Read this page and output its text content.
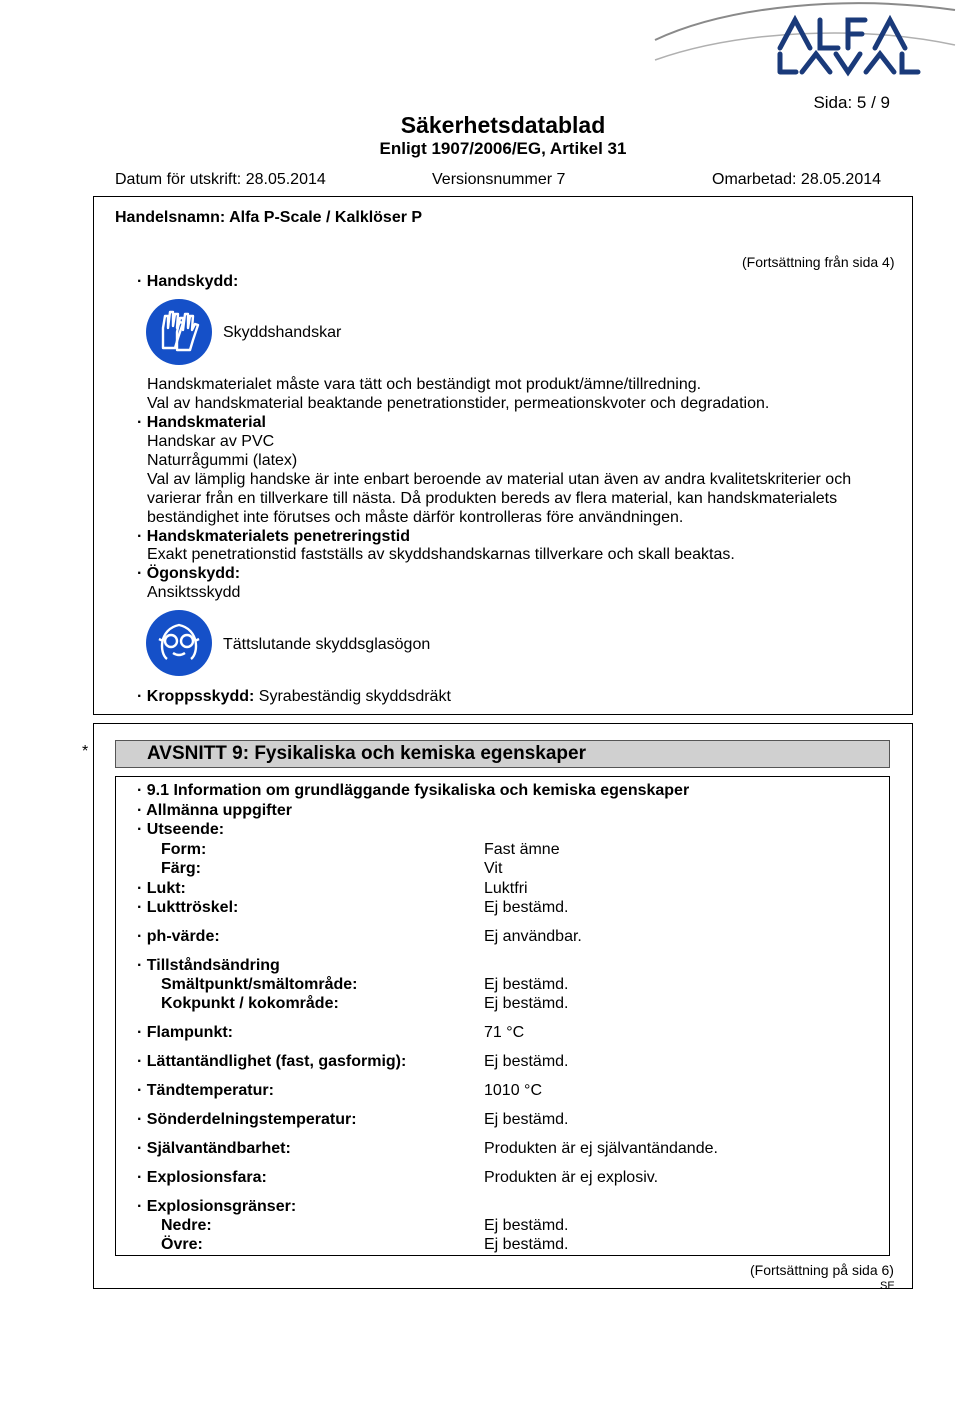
Sida: 5 / 9
Säkerhetsdatablad
Enligt 1907/2006/EG, Artikel 31
Datum för utskrift: 28.05.2014	Versionsnummer 7	Omarbetad: 28.05.2014
Handelsnamn: Alfa P-Scale / Kalklöser P
(Fortsättning från sida 4)
· Handskydd:
Skyddshandskar
Handskmaterialet måste vara tätt och beständigt mot produkt/ämne/tillredning.
Val av handskmaterial beaktande penetrationstider, permeationskvoter och degradation.
· Handskmaterial
Handskar av PVC
Naturrågummi (latex)
Val av lämplig handske är inte enbart beroende av material utan även av andra kvalitetskriterier och
varierar från en tillverkare till nästa. Då produkten bereds av flera material, kan handskmaterialets
beständighet inte förutses och måste därför kontrolleras före användningen.
· Handskmaterialets penetreringstid
Exakt penetrationstid fastställs av skyddshandskarnas tillverkare och skall beaktas.
· Ögonskydd:
Ansiktsskydd
Tättslutande skyddsglasögon
· Kroppsskydd: Syrabeständig skyddsdräkt
*	AVSNITT 9: Fysikaliska och kemiska egenskaper
· 9.1 Information om grundläggande fysikaliska och kemiska egenskaper
· Allmänna uppgifter
· Utseende:
Form:	Fast ämne
Färg:	Vit
· Lukt:	Luktfri
· Lukttröskel:	Ej bestämd.
· ph-värde:	Ej användbar.
· Tillståndsändring
Smältpunkt/smältområde:	Ej bestämd.
Kokpunkt / kokområde:	Ej bestämd.
· Flampunkt:	71 °C
· Lättantändlighet (fast, gasformig):	Ej bestämd.
· Tändtemperatur:	1010 °C
· Sönderdelningstemperatur:	Ej bestämd.
· Självantändbarhet:	Produkten är ej självantändande.
· Explosionsfara:	Produkten är ej explosiv.
· Explosionsgränser:
Nedre:	Ej bestämd.
Övre:	Ej bestämd.
(Fortsättning på sida 6)
SE
